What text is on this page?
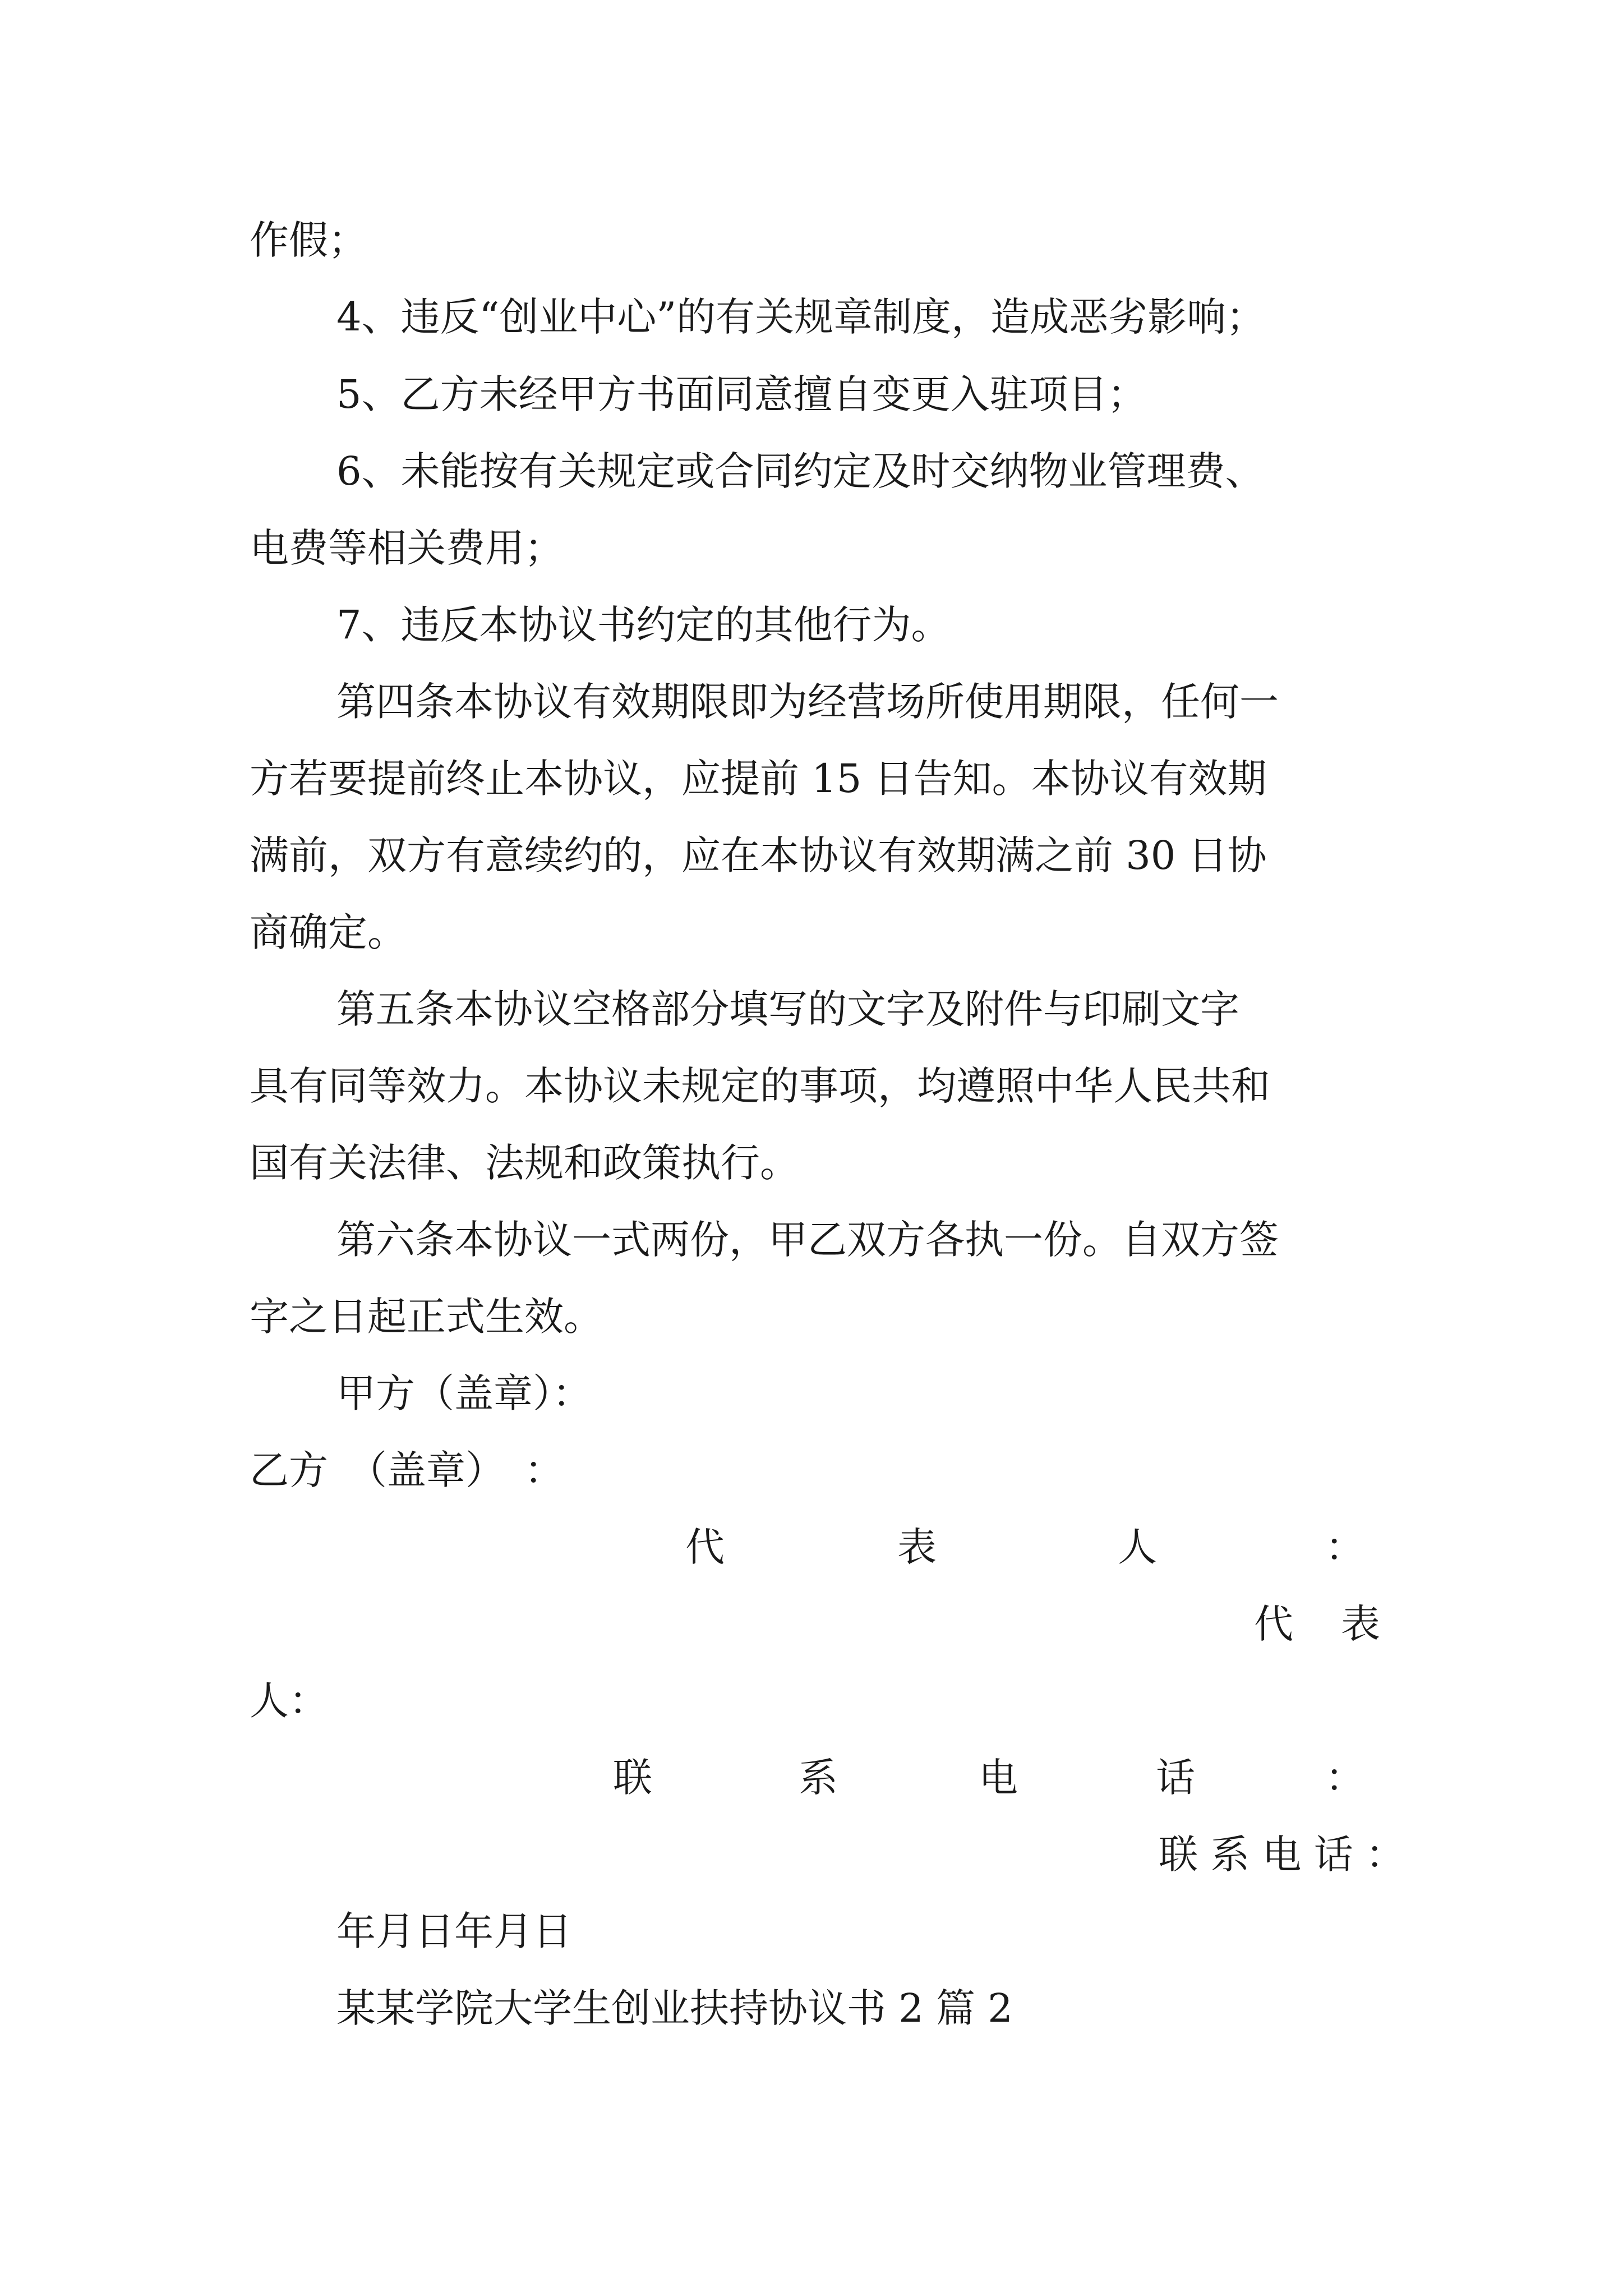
作假；

4、违反“创业中心”的有关规章制度，造成恶劣影响；

5、乙方未经甲方书面同意擅自变更入驻项目；

6、未能按有关规定或合同约定及时交纳物业管理费、

电费等相关费用；

7、违反本协议书约定的其他行为。

第四条本协议有效期限即为经营场所使用期限，任何一

方若要提前终止本协议，应提前 15 日告知。本协议有效期

满前，双方有意续约的，应在本协议有效期满之前 30 日协

商确定。

第五条本协议空格部分填写的文字及附件与印刷文字

具有同等效力。本协议未规定的事项，均遵照中华人民共和

国有关法律、法规和政策执行。

第六条本协议一式两份，甲乙双方各执一份。自双方签

字之日起正式生效。

甲方（盖章）：

乙方　（盖章）　：

代	表	人	：
代 表

人：

联	系	电	话	：

联 系 电 话 ：

年月日年月日

某某学院大学生创业扶持协议书 2 篇 2
